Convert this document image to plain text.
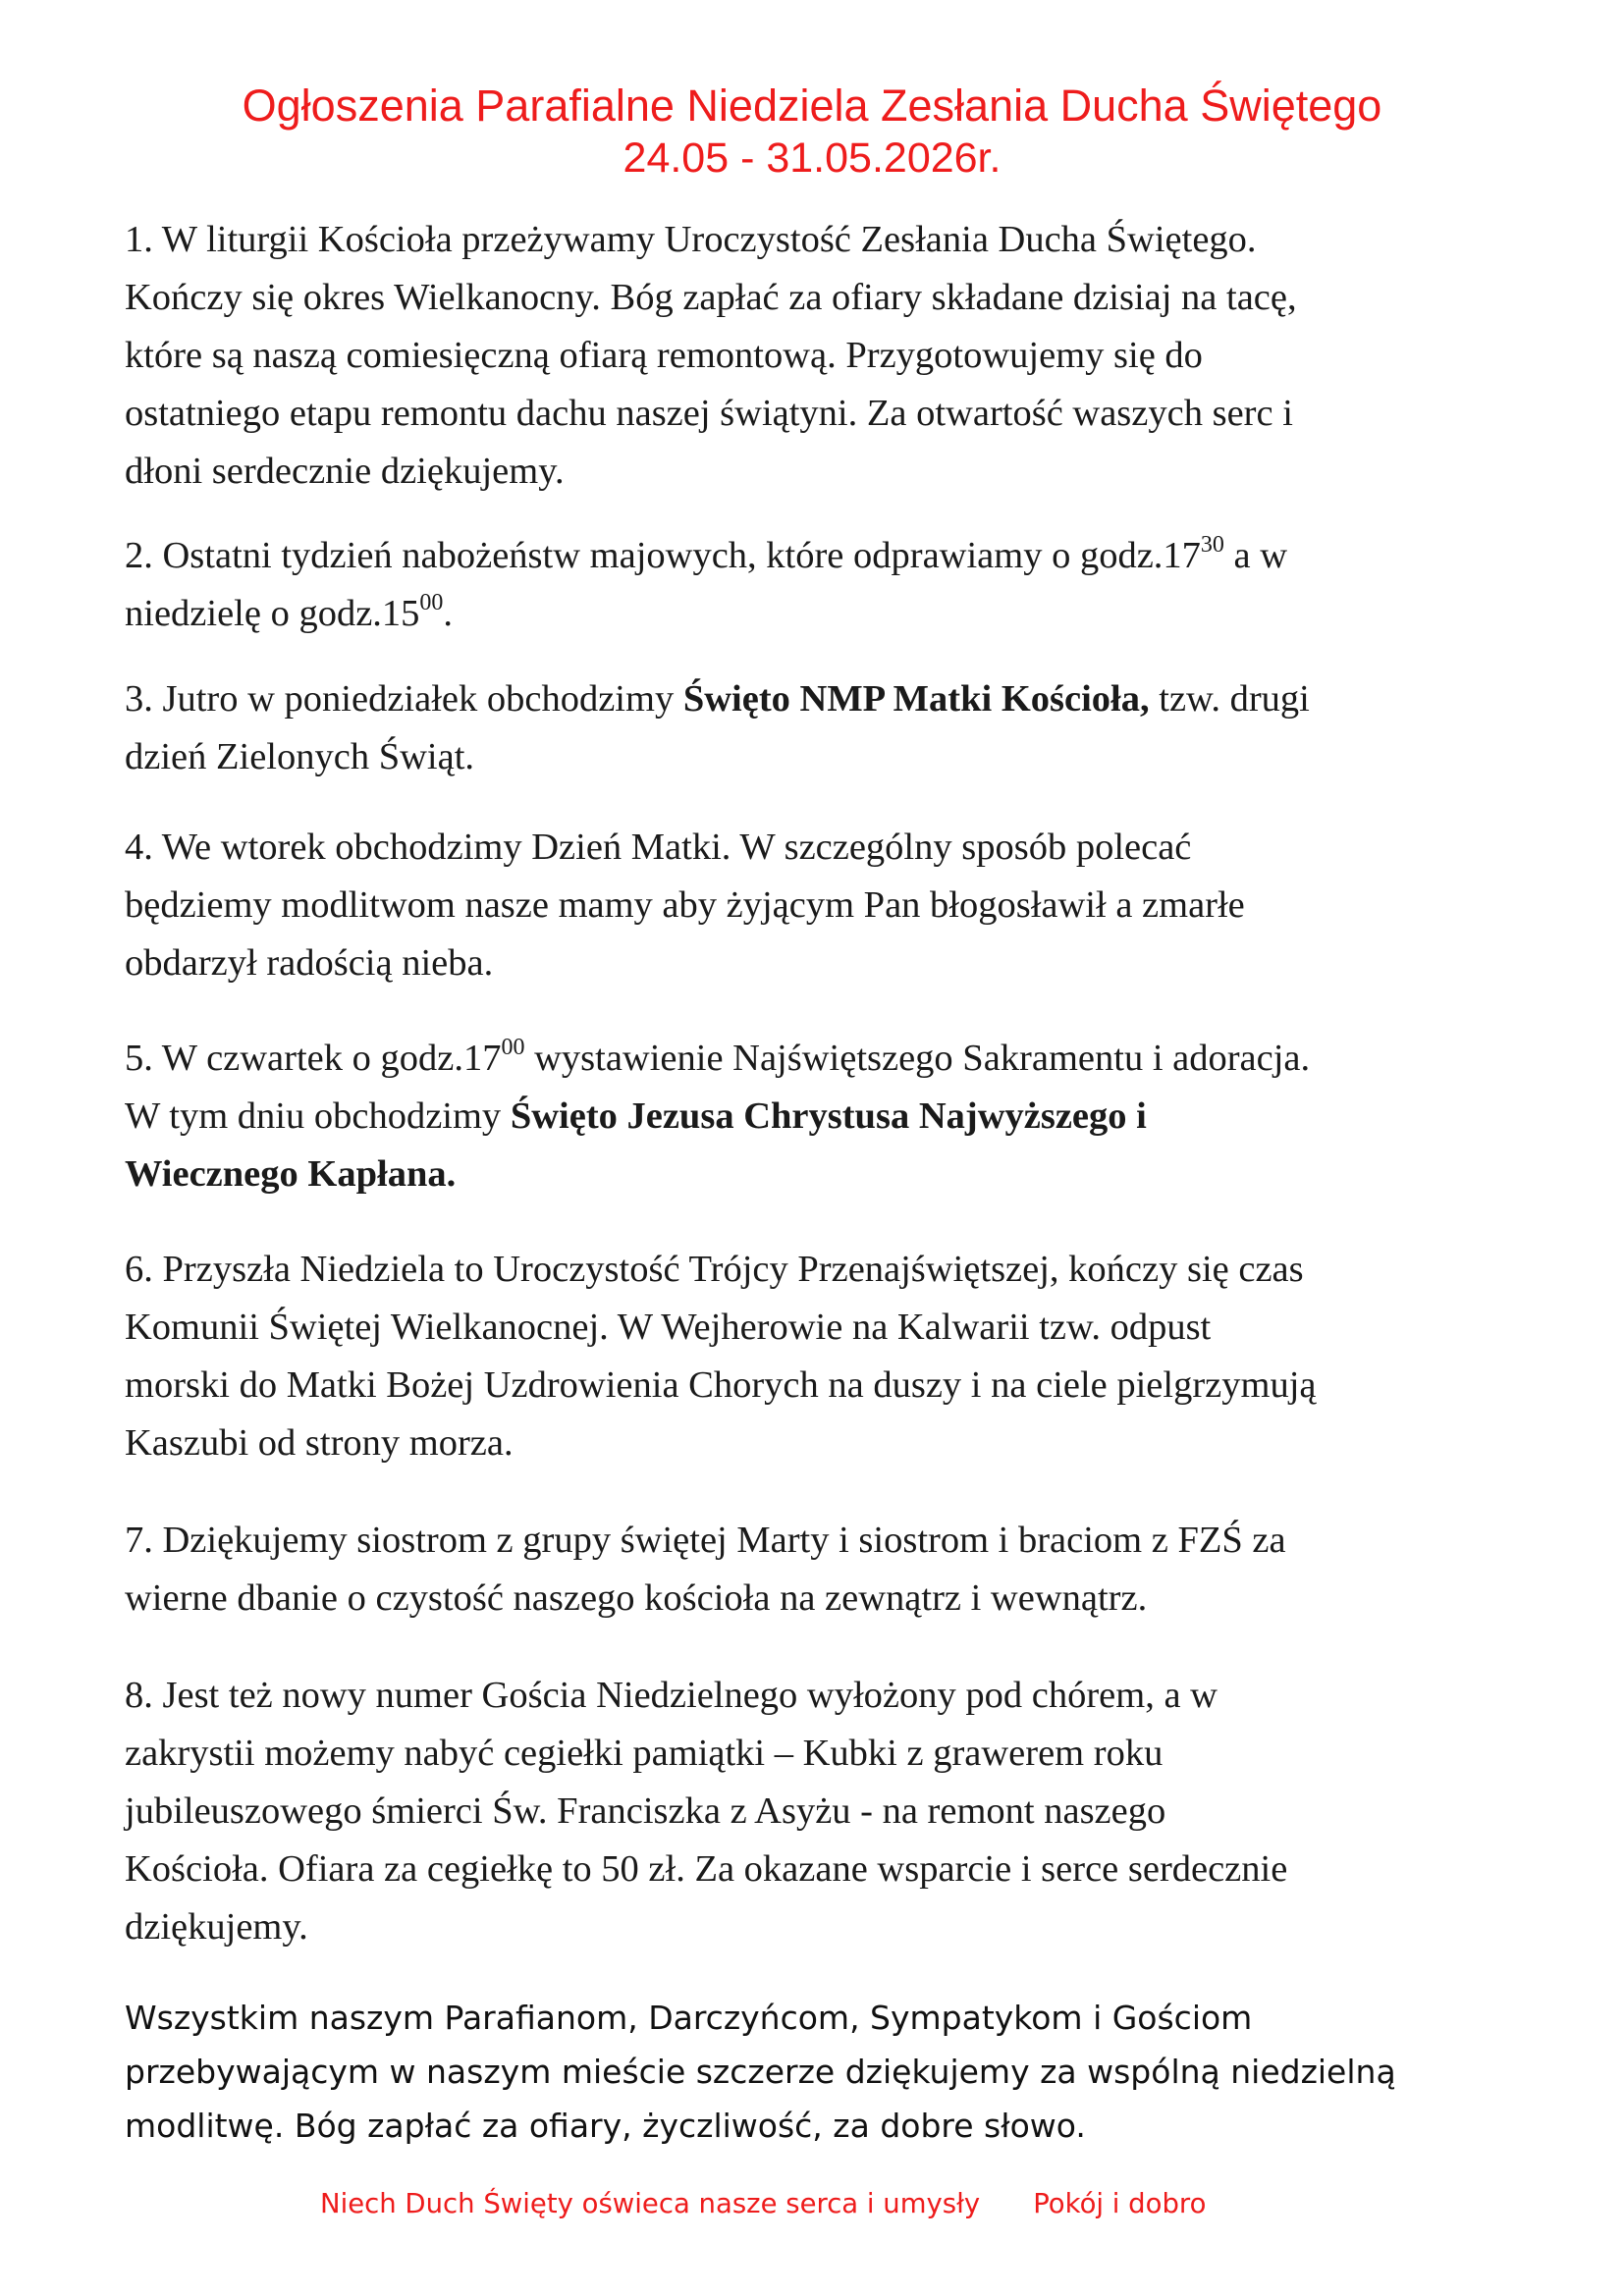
Ogłoszenia Parafialne Niedziela Zesłania Ducha Świętego
24.05 - 31.05.2026r.

1. W liturgii Kościoła przeżywamy Uroczystość Zesłania Ducha Świętego.

Kończy się okres Wielkanocny. Bóg zapłać za ofiary składane dzisiaj na tacę,

które są naszą comiesięczną ofiarą remontową. Przygotowujemy się do

ostatniego etapu remontu dachu naszej świątyni. Za otwartość waszych serc i

dłoni serdecznie dziękujemy.

2. Ostatni tydzień nabożeństw majowych, które odprawiamy o $godz.17^{30}$ a w

niedzielę o $godz.15^{00}$.

3. Jutro w poniedziałek obchodzimy Święto NMP Matki Kościoła, tzw. drugi

dzień Zielonych Świąt.

4. We wtorek obchodzimy Dzień Matki. W szczególny sposób polecać

będziemy modlitwom nasze mamy aby żyjącym Pan błogosławił a zmarłe

obdarzył radością nieba.

5. W czwartek o $godz.17^{00}$ wystawienie Najświętszego Sakramentu i adoracja.

W tym dniu obchodzimy Święto Jezusa Chrystusa Najwyższego i

Wiecznego Kapłana.

6. Przyszła Niedziela to Uroczystość Trójcy Przenajświętszej, kończy się czas

Komunii Świętej Wielkanocnej. W Wejherowie na Kalwarii tzw. odpust

morski do Matki Bożej Uzdrowienia Chorych na duszy i na ciele pielgrzymują

Kaszubi od strony morza.

7. Dziękujemy siostrom z grupy świętej Marty i siostrom i braciom z FZŚ za

wierne dbanie o czystość naszego kościoła na zewnątrz i wewnątrz.

8. Jest też nowy numer Gościa Niedzielnego wyłożony pod chórem, a w

zakrystii możemy nabyć cegiełki pamiątki – Kubki z grawerem roku

jubileuszowego śmierci Św. Franciszka z Asyżu - na remont naszego

Kościoła. Ofiara za cegiełkę to 50 zł. Za okazane wsparcie i serce serdecznie

dziękujemy.

Wszystkim naszym Parafianom, Darczyńcom, Sympatykom i Gościom

przebywającym w naszym mieście szczerze dziękujemy za wspólną niedzielną

modlitwę. Bóg zapłać za ofiary, życzliwość, za dobre słowo.

Niech Duch Święty oświeca nasze serca i umysły Pokój i dobro
